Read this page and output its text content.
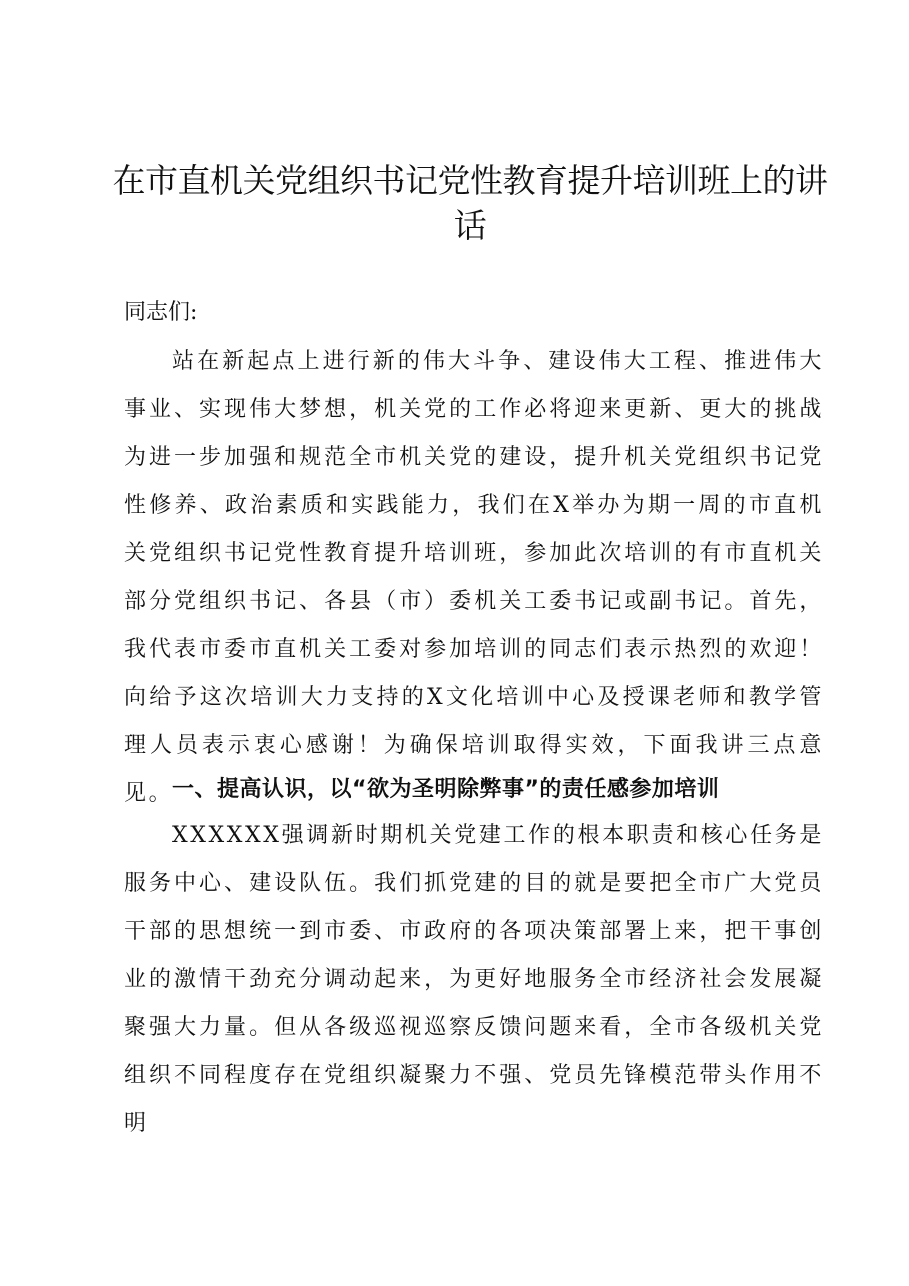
在市直机关党组织书记党性教育提升培训班上的讲话

同志们:

站在新起点上进行新的伟大斗争、建设伟大工程、推进伟大事业、实现伟大梦想，机关党的工作必将迎来更新、更大的挑战为进一步加强和规范全市机关党的建设，提升机关党组织书记党性修养、政治素质和实践能力，我们在X举办为期一周的市直机关党组织书记党性教育提升培训班，参加此次培训的有市直机关部分党组织书记、各县（市）委机关工委书记或副书记。首先，我代表市委市直机关工委对参加培训的同志们表示热烈的欢迎！向给予这次培训大力支持的X文化培训中心及授课老师和教学管理人员表示衷心感谢！为确保培训取得实效，下面我讲三点意见。

一、提高认识，以“欲为圣明除弊事”的责任感参加培训

XXXXXX强调新时期机关党建工作的根本职责和核心任务是服务中心、建设队伍。我们抓党建的目的就是要把全市广大党员干部的思想统一到市委、市政府的各项决策部署上来，把干事创业的激情干劲充分调动起来，为更好地服务全市经济社会发展凝聚强大力量。但从各级巡视巡察反馈问题来看，全市各级机关党组织不同程度存在党组织凝聚力不强、党员先锋模范带头作用不明
